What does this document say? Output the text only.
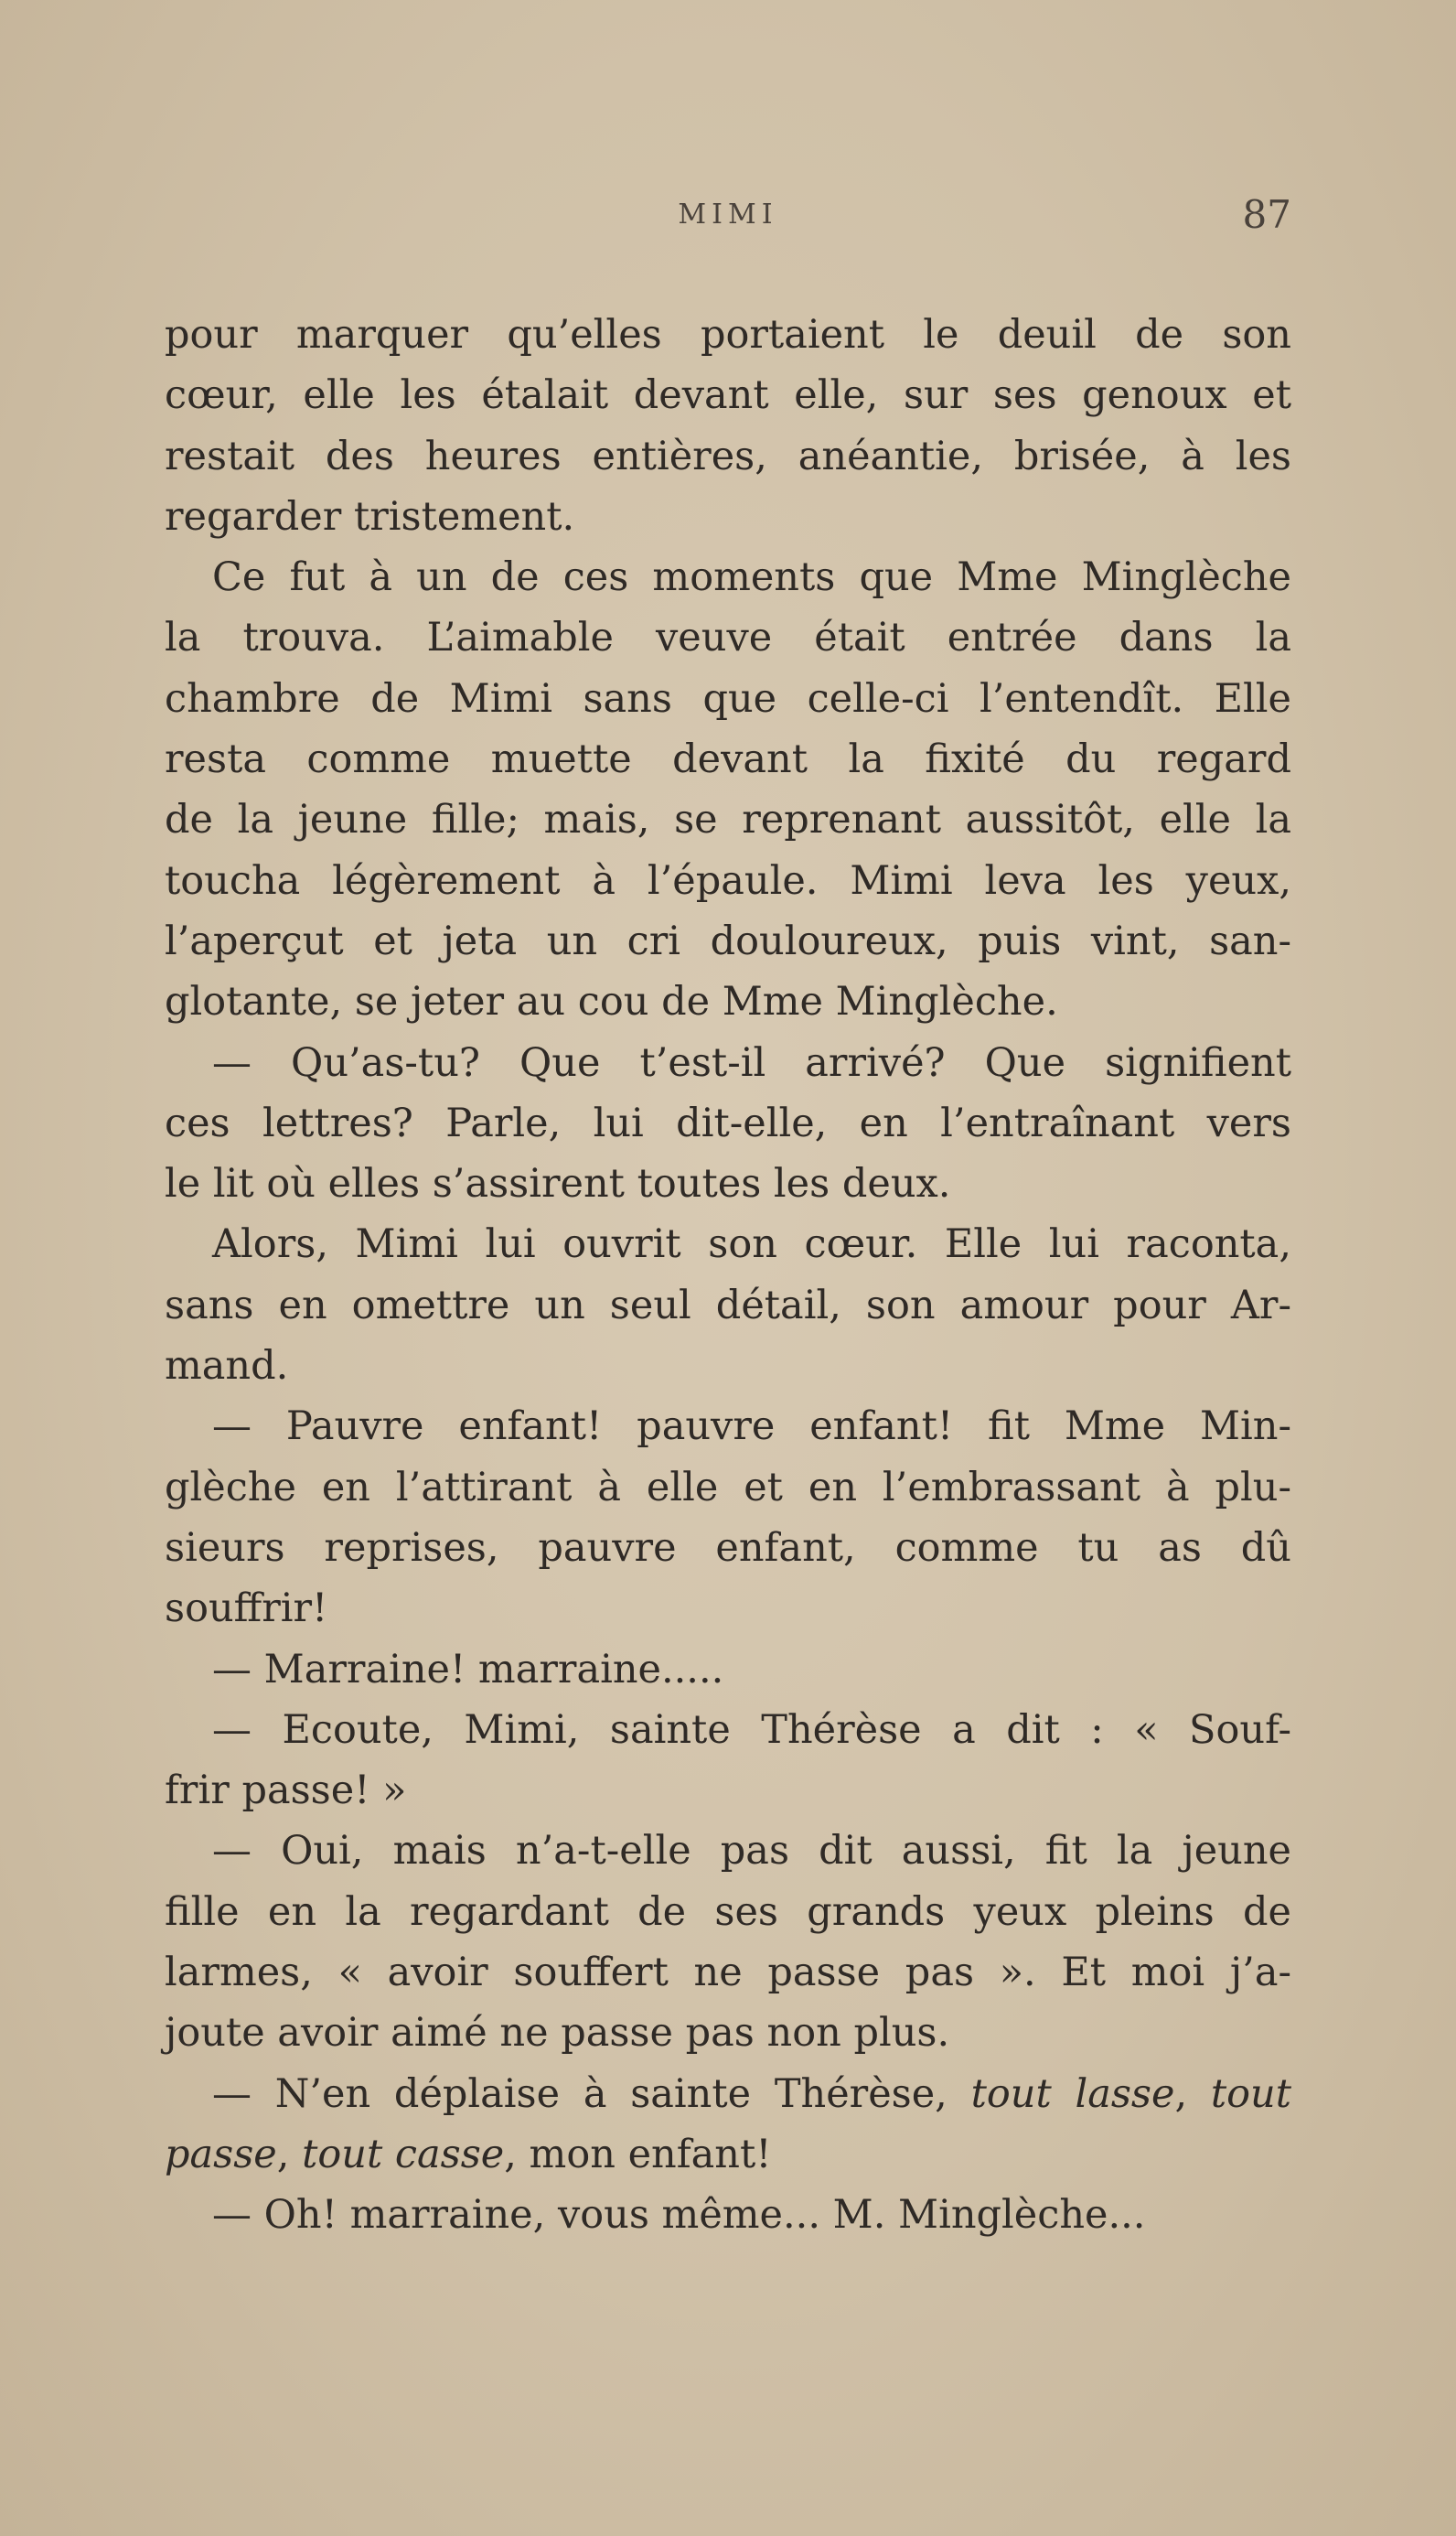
MIMI	87
pour marquer qu’elles portaient le deuil de son
cœur, elle les étalait devant elle, sur ses genoux et
restait des heures entières, anéantie, brisée, à les
regarder tristement.
Ce fut à un de ces moments que Mme Minglèche
la trouva. L’aimable veuve était entrée dans la
chambre de Mimi sans que celle-ci l’entendît. Elle
resta comme muette devant la fixité du regard
de la jeune fille; mais, se reprenant aussitôt, elle la
toucha légèrement à l’épaule. Mimi leva les yeux,
l’aperçut et jeta un cri douloureux, puis vint, san-
glotante, se jeter au cou de Mme Minglèche.
— Qu’as-tu? Que t’est-il arrivé? Que signifient
ces lettres? Parle, lui dit-elle, en l’entraînant vers
le lit où elles s’assirent toutes les deux.
Alors, Mimi lui ouvrit son cœur. Elle lui raconta,
sans en omettre un seul détail, son amour pour Ar-
mand.
— Pauvre enfant! pauvre enfant! fit Mme Min-
glèche en l’attirant à elle et en l’embrassant à plu-
sieurs reprises, pauvre enfant, comme tu as dû
souffrir!
— Marraine! marraine.....
— Ecoute, Mimi, sainte Thérèse a dit : « Souf-
frir passe! »
— Oui, mais n’a-t-elle pas dit aussi, fit la jeune
fille en la regardant de ses grands yeux pleins de
larmes, « avoir souffert ne passe pas ». Et moi j’a-
joute avoir aimé ne passe pas non plus.
— N’en déplaise à sainte Thérèse, tout lasse, tout
passe, tout casse, mon enfant!
— Oh! marraine, vous même... M. Minglèche...
